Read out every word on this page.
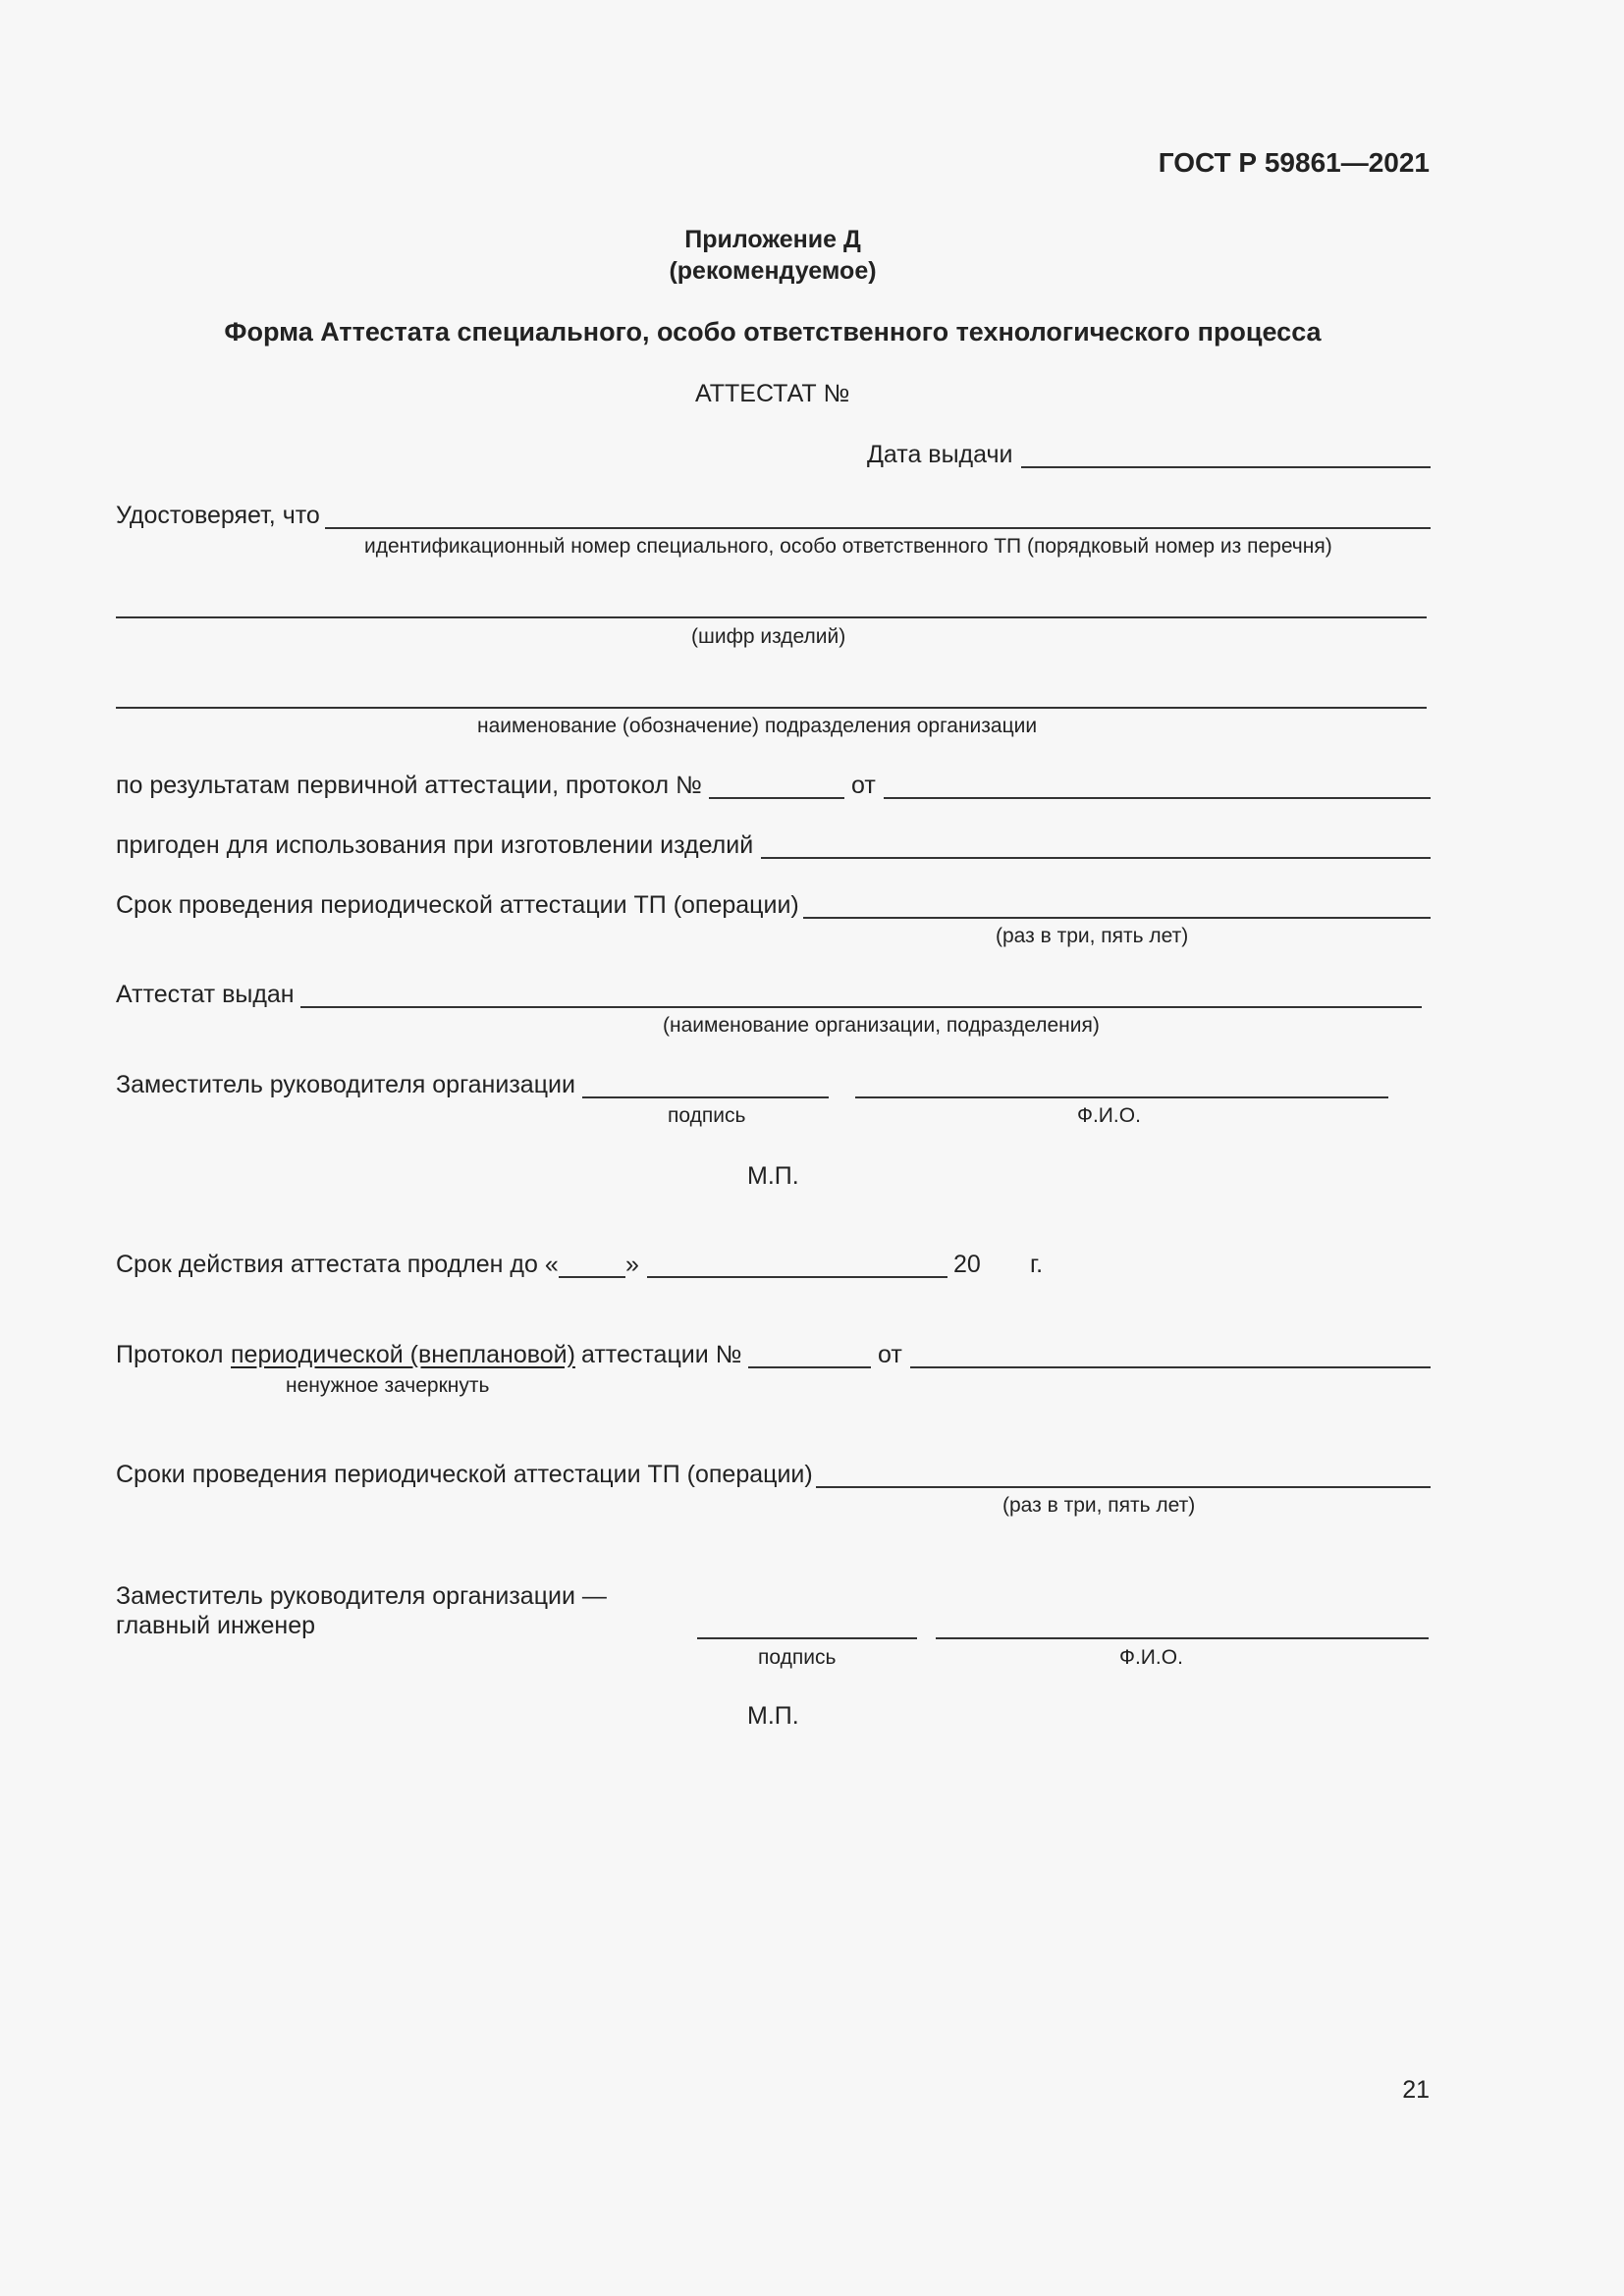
ГОСТ Р 59861—2021
Приложение Д
(рекомендуемое)
Форма Аттестата специального, особо ответственного технологического процесса
АТТЕСТАТ №
Дата выдачи
Удостоверяет, что
идентификационный номер специального, особо ответственного ТП (порядковый номер из перечня)
(шифр изделий)
наименование (обозначение) подразделения организации
по результатам первичной аттестации, протокол №	от
пригоден для использования при изготовлении изделий
Срок проведения периодической аттестации ТП (операции)
(раз в три, пять лет)
Аттестат выдан
(наименование организации, подразделения)
Заместитель руководителя организации
подпись	Ф.И.О.
М.П.
Срок действия аттестата продлен до «	»	20 г.
Протокол периодической (внеплановой) аттестации №	от
ненужное зачеркнуть
Сроки проведения периодической аттестации ТП (операции)
(раз в три, пять лет)
Заместитель руководителя организации —
главный инженер
подпись	Ф.И.О.
М.П.
21
